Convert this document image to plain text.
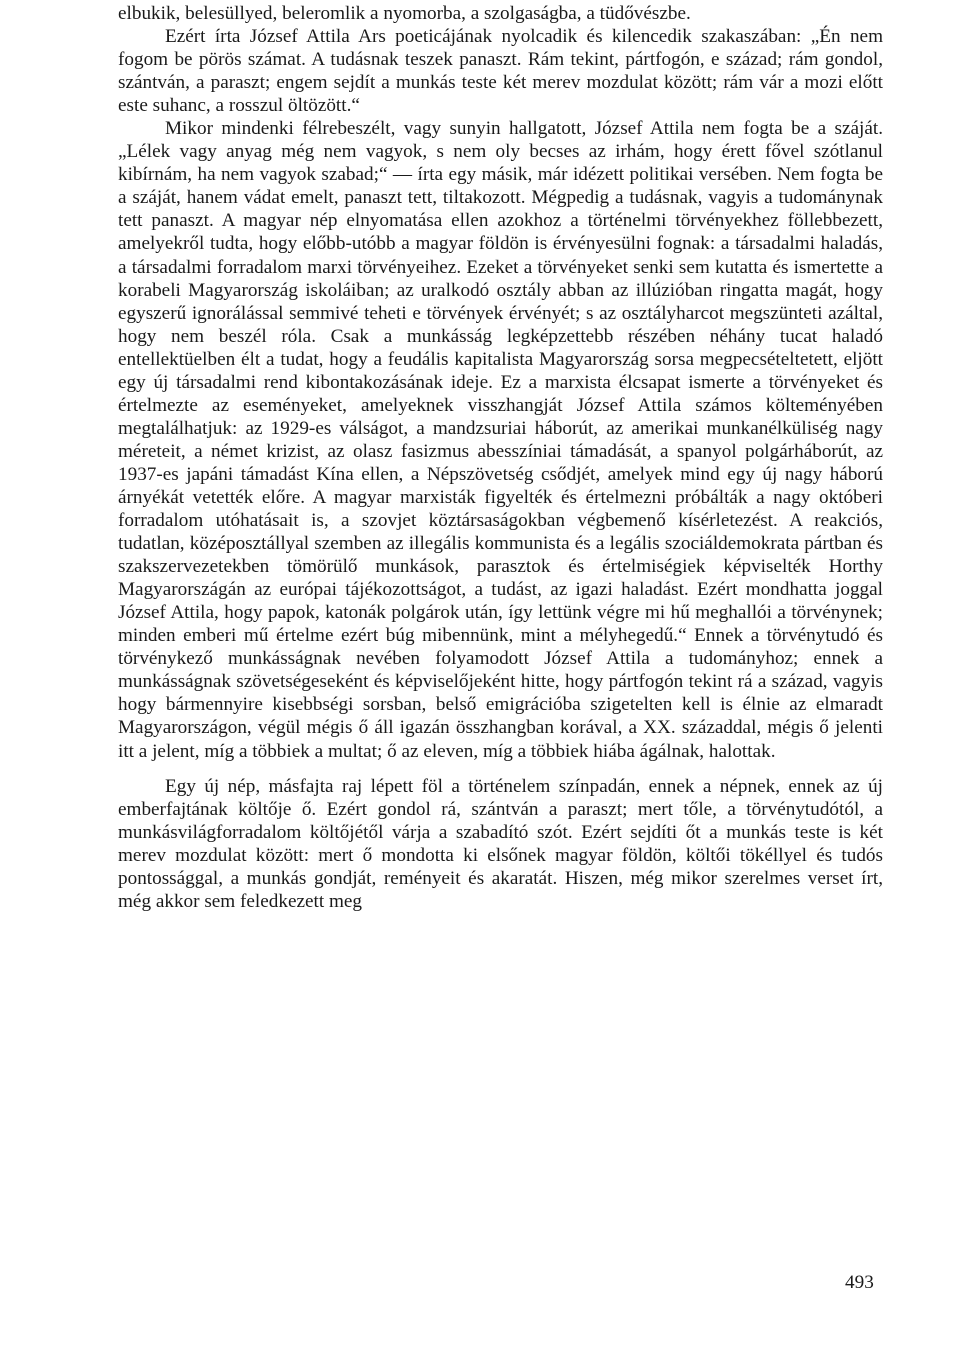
elbukik, belesüllyed, beleromlik a nyomorba, a szolgaságba, a tüdővészbe.

Ezért írta József Attila Ars poeticájának nyolcadik és kilencedik szakaszában: „Én nem fogom be pörös számat. A tudásnak teszek panaszt. Rám tekint, pártfogón, e század; rám gondol, szántván, a paraszt; engem sejdít a munkás teste két merev mozdulat között; rám vár a mozi előtt este suhanc, a rosszul öltözött.“

Mikor mindenki félrebeszélt, vagy sunyin hallgatott, József Attila nem fogta be a száját. „Lélek vagy anyag még nem vagyok, s nem oly becses az irhám, hogy érett fővel szótlanul kibírnám, ha nem vagyok szabad;“ — írta egy másik, már idézett politikai versében. Nem fogta be a száját, hanem vádat emelt, panaszt tett, tiltakozott. Mégpedig a tudásnak, vagyis a tudománynak tett panaszt. A magyar nép elnyomatása ellen azokhoz a történelmi törvényekhez föllebbezett, amelyekről tudta, hogy előbb-utóbb a magyar földön is érvényesülni fognak: a társadalmi haladás, a társadalmi forradalom marxi törvényeihez. Ezeket a törvényeket senki sem kutatta és ismertette a korabeli Magyarország iskoláiban; az uralkodó osztály abban az illúzióban ringatta magát, hogy egyszerű ignorálással semmivé teheti e törvények érvényét; s az osztályharcot megszünteti azáltal, hogy nem beszél róla. Csak a munkásság legképzettebb részében néhány tucat haladó entellektüelben élt a tudat, hogy a feudális kapitalista Magyarország sorsa megpecsételtetett, eljött egy új társadalmi rend kibontakozásának ideje. Ez a marxista élcsapat ismerte a törvényeket és értelmezte az eseményeket, amelyeknek visszhangját József Attila számos költeményében megtalálhatjuk: az 1929-es válságot, a mandzsuriai háborút, az amerikai munkanélküliség nagy méreteit, a német krizist, az olasz fasizmus abesszíniai támadását, a spanyol polgárháborút, az 1937-es japáni támadást Kína ellen, a Népszövetség csődjét, amelyek mind egy új nagy háború árnyékát vetették előre. A magyar marxisták figyelték és értelmezni próbálták a nagy októberi forradalom utóhatásait is, a szovjet köztársaságokban végbemenő kísérletezést. A reakciós, tudatlan, középosztállyal szemben az illegális kommunista és a legális szociáldemokrata pártban és szakszervezetekben tömörülő munkások, parasztok és értelmiségiek képviselték Horthy Magyarországán az európai tájékozottságot, a tudást, az igazi haladást. Ezért mondhatta joggal József Attila, hogy papok, katonák polgárok után, így lettünk végre mi hű meghallói a törvénynek; minden emberi mű értelme ezért búg mibennünk, mint a mélyhegedű.“ Ennek a törvénytudó és törvénykező munkásságnak nevében folyamodott József Attila a tudományhoz; ennek a munkásságnak szövetségeseként és képviselőjeként hitte, hogy pártfogón tekint rá a század, vagyis hogy bármennyire kisebbségi sorsban, belső emigrációba szigetelten kell is élnie az elmaradt Magyarországon, végül mégis ő áll igazán összhangban korával, a XX. századdal, mégis ő jelenti itt a jelent, míg a többiek a multat; ő az eleven, míg a többiek hiába ágálnak, halottak.

Egy új nép, másfajta raj lépett föl a történelem színpadán, ennek a népnek, ennek az új emberfajtának költője ő. Ezért gondol rá, szántván a paraszt; mert tőle, a törvénytudótól, a munkásvilágforradalom költőjétől várja a szabadító szót. Ezért sejdíti őt a munkás teste is két merev mozdulat között: mert ő mondotta ki elsőnek magyar földön, költői tökéllyel és tudós pontossággal, a munkás gondját, reményeit és akaratát. Hiszen, még mikor szerelmes verset írt, még akkor sem feledkezett meg

493
